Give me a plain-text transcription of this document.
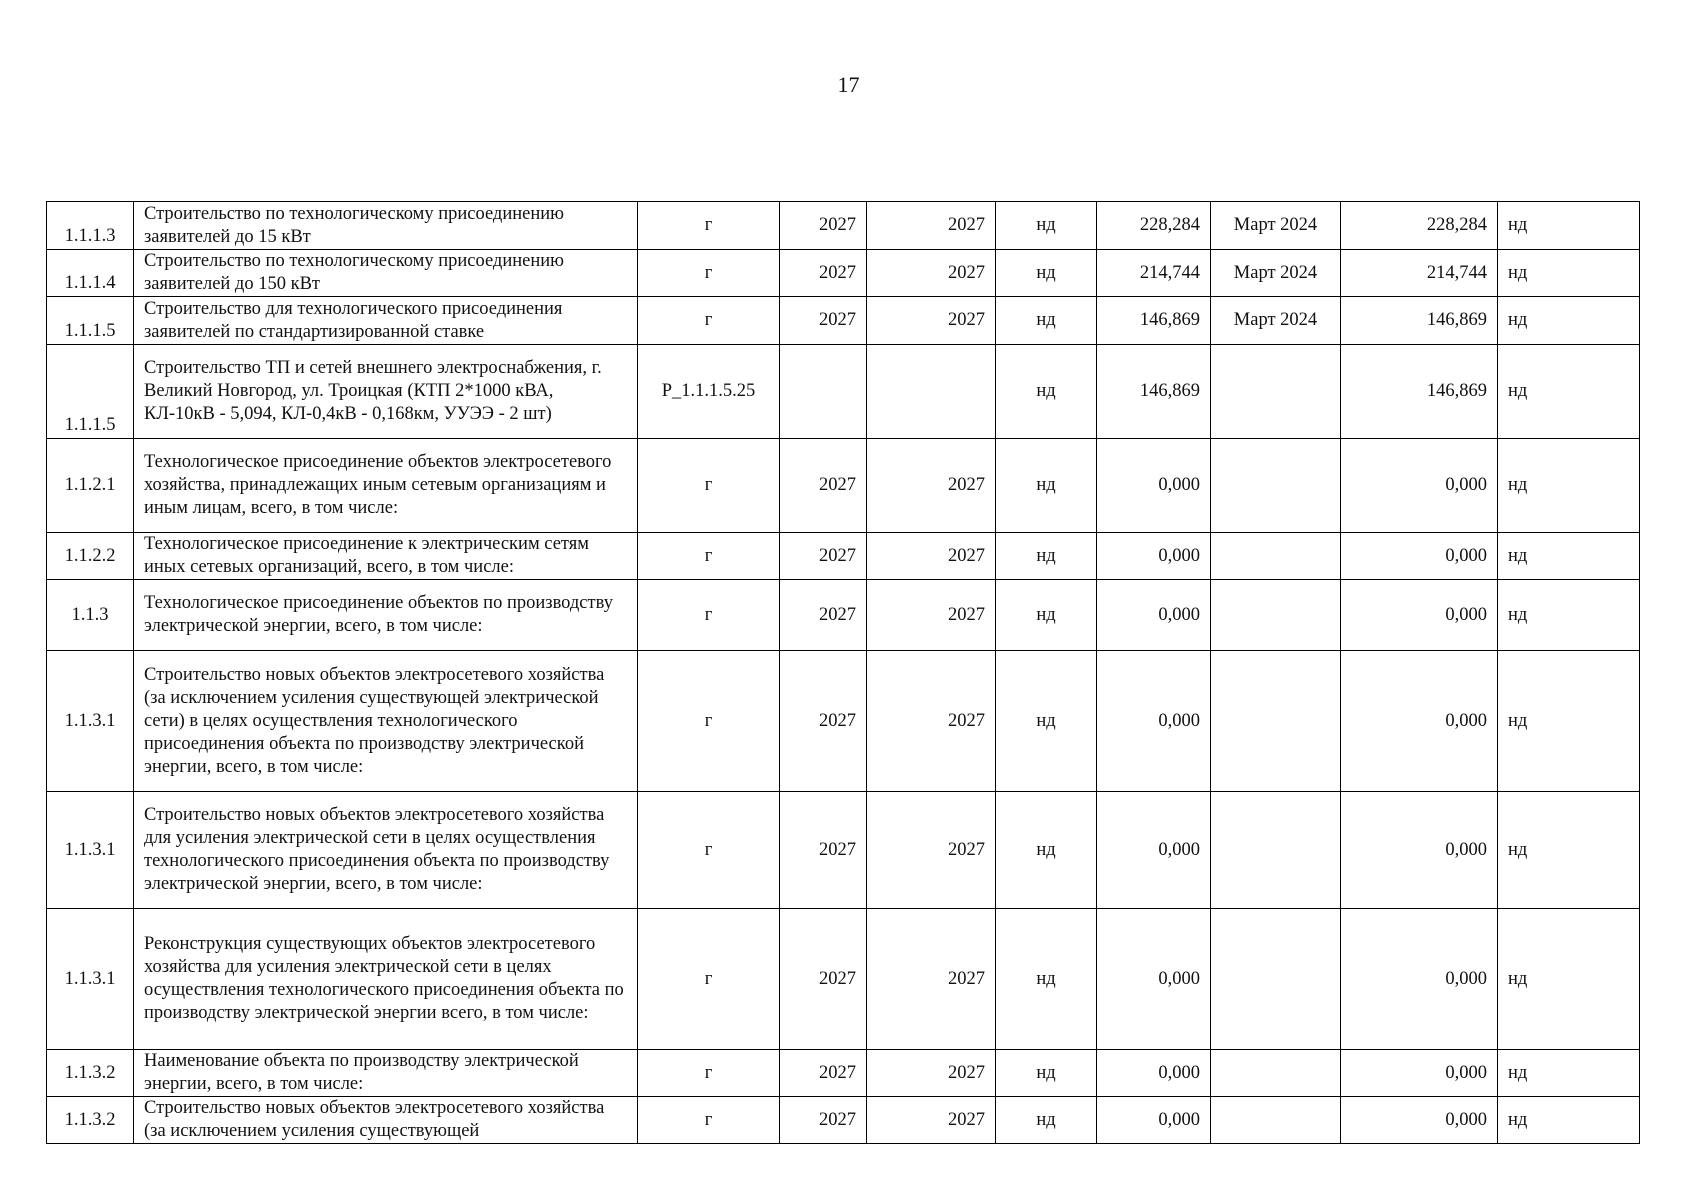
17
1.1.1.3	Строительство по технологическому присоединению заявителей до 15 кВт	г	2027	2027	нд	228,284	Март 2024	228,284	нд
1.1.1.4	Строительство по технологическому присоединению заявителей до 150 кВт	г	2027	2027	нд	214,744	Март 2024	214,744	нд
1.1.1.5	Строительство для технологического присоединения заявителей по стандартизированной ставке	г	2027	2027	нд	146,869	Март 2024	146,869	нд
1.1.1.5	Строительство ТП и сетей внешнего электроснабжения, г. Великий Новгород, ул. Троицкая (КТП 2*1000 кВА, КЛ-10кВ - 5,094, КЛ-0,4кВ - 0,168км, УУЭЭ - 2 шт)	P_1.1.1.5.25			нд	146,869		146,869	нд
1.1.2.1	Технологическое присоединение объектов электросетевого хозяйства, принадлежащих иным сетевым организациям и иным лицам, всего, в том числе:	г	2027	2027	нд	0,000		0,000	нд
1.1.2.2	Технологическое присоединение к электрическим сетям иных сетевых организаций, всего, в том числе:	г	2027	2027	нд	0,000		0,000	нд
1.1.3	Технологическое присоединение объектов по производству электрической энергии, всего, в том числе:	г	2027	2027	нд	0,000		0,000	нд
1.1.3.1	Строительство новых объектов электросетевого хозяйства (за исключением усиления существующей электрической сети) в целях осуществления технологического присоединения объекта по производству электрической энергии, всего, в том числе:	г	2027	2027	нд	0,000		0,000	нд
1.1.3.1	Строительство новых объектов электросетевого хозяйства для усиления электрической сети в целях осуществления технологического присоединения объекта по производству электрической энергии, всего, в том числе:	г	2027	2027	нд	0,000		0,000	нд
1.1.3.1	Реконструкция существующих объектов электросетевого хозяйства для усиления электрической сети в целях осуществления технологического присоединения объекта по производству электрической энергии всего, в том числе:	г	2027	2027	нд	0,000		0,000	нд
1.1.3.2	Наименование объекта по производству электрической энергии, всего, в том числе:	г	2027	2027	нд	0,000		0,000	нд
1.1.3.2	Строительство новых объектов электросетевого хозяйства (за исключением усиления существующей	г	2027	2027	нд	0,000		0,000	нд
